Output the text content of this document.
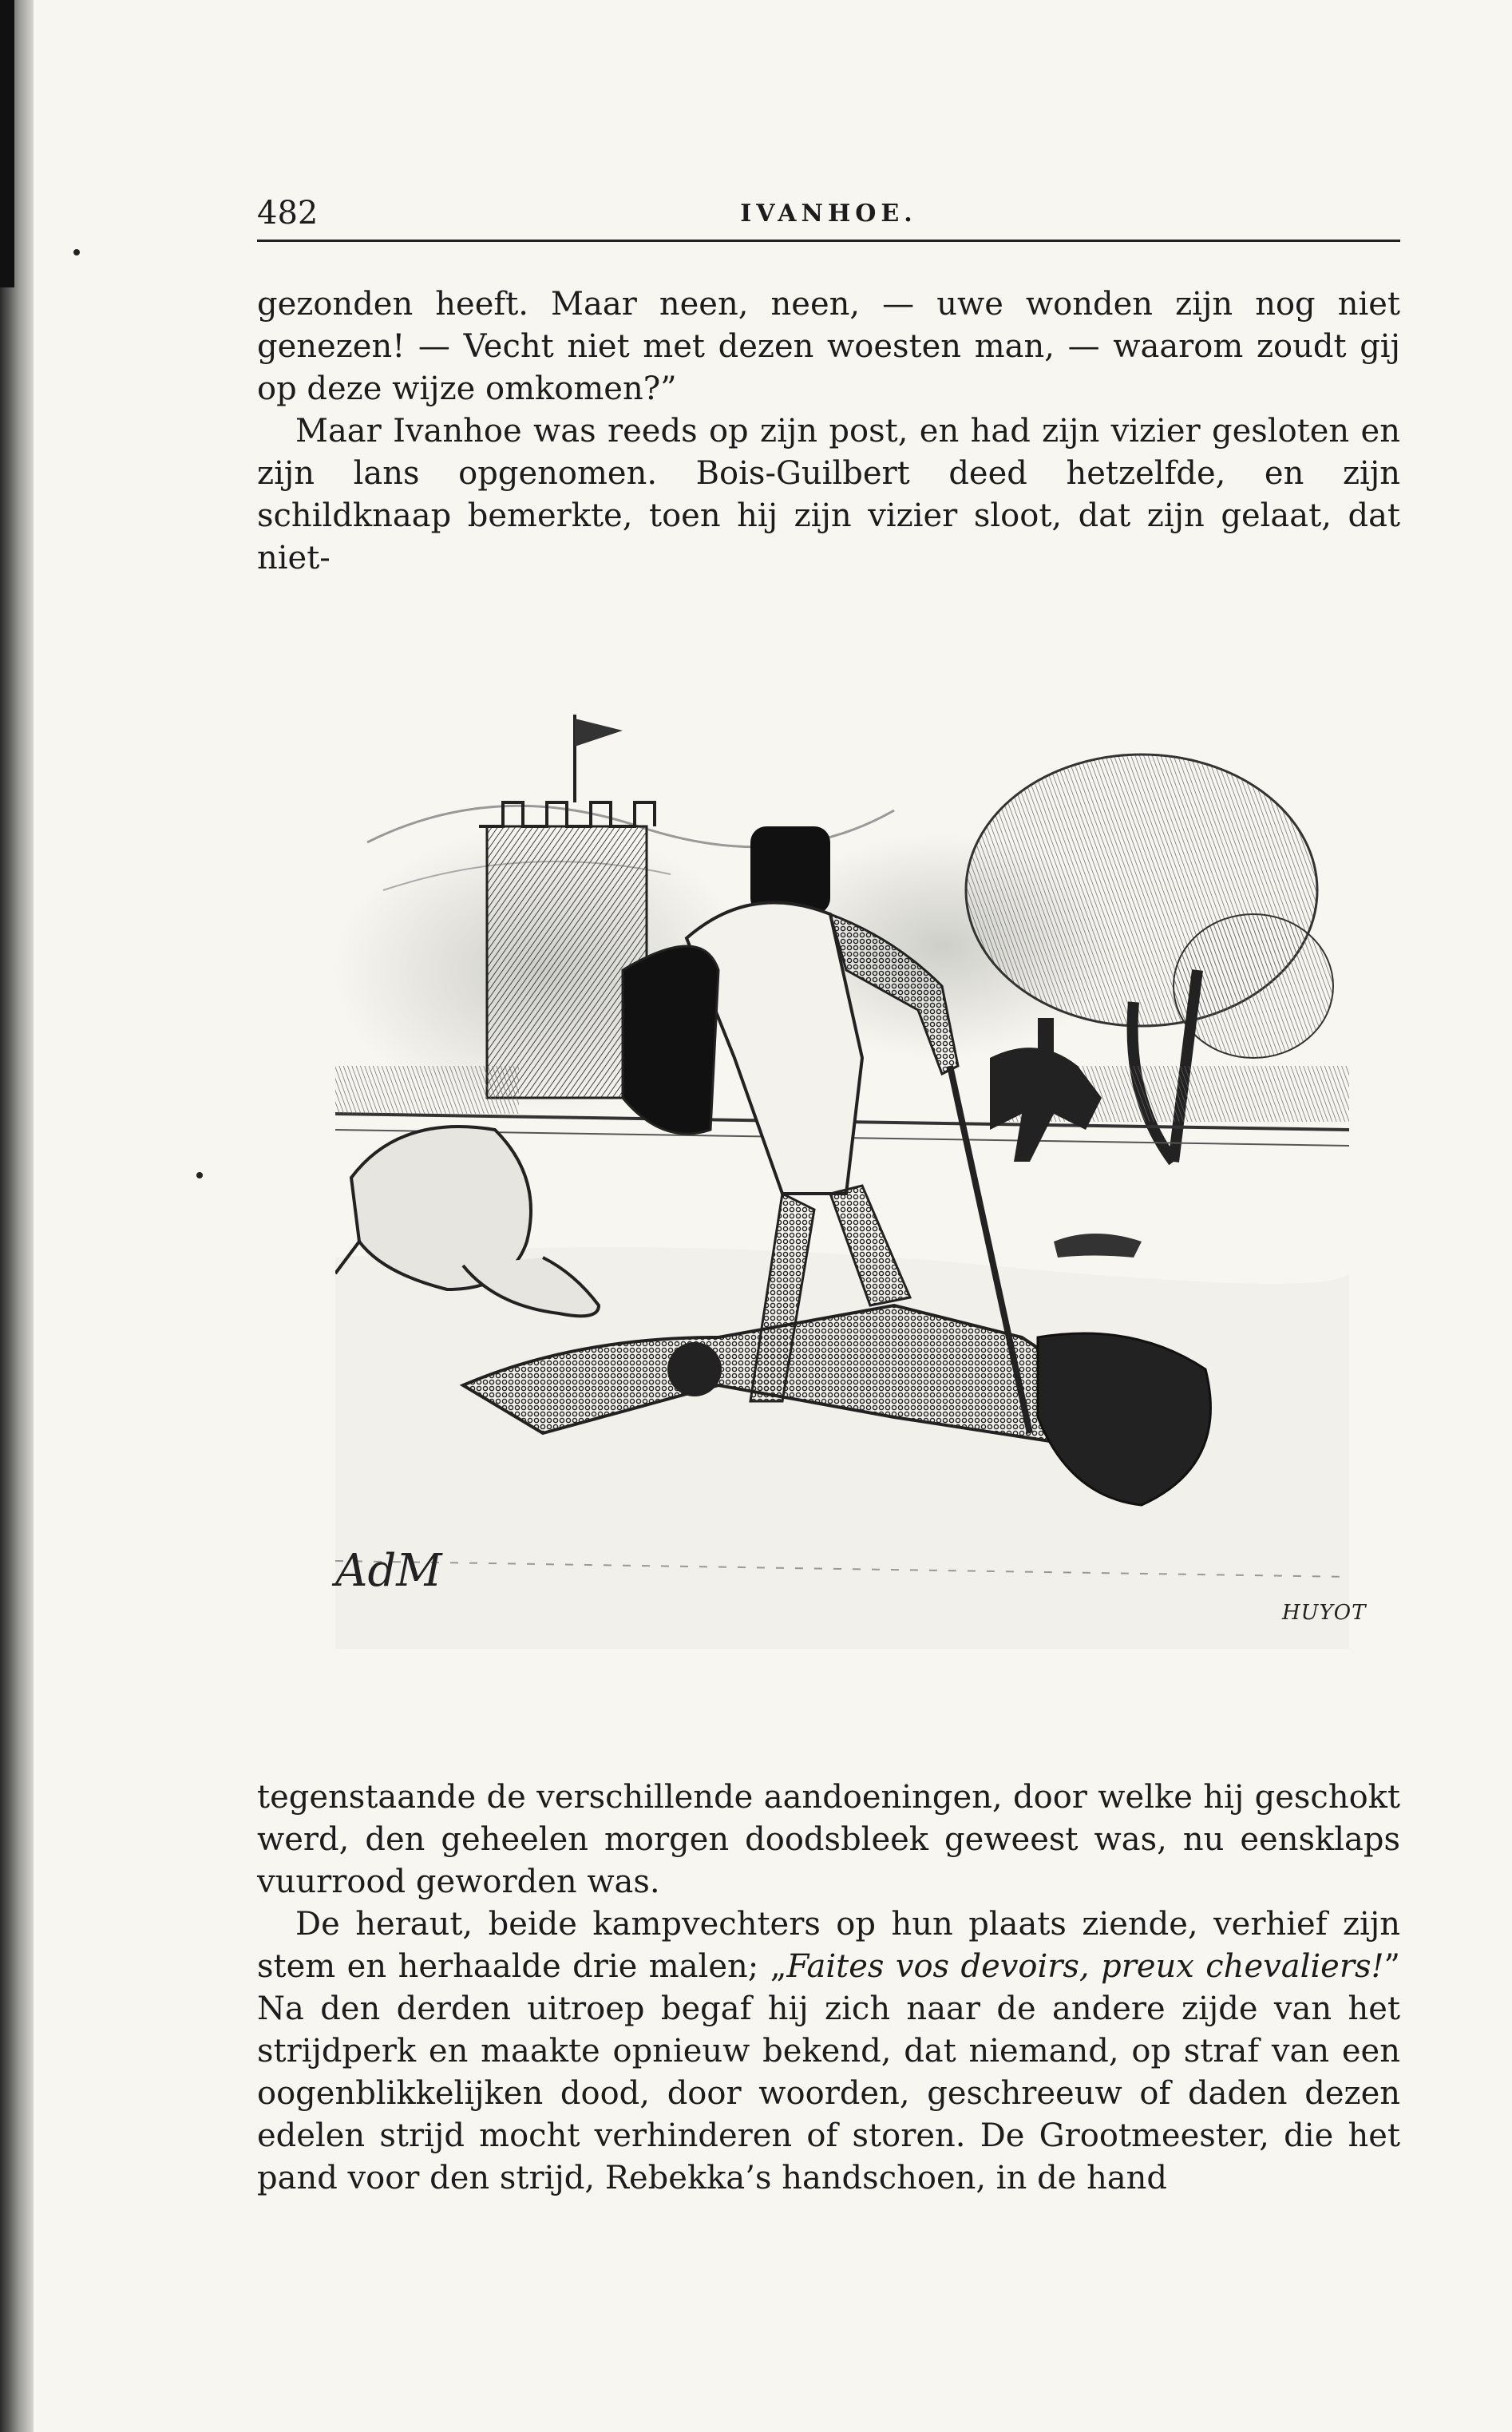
482	IVANHOE.

gezonden heeft. Maar neen, neen, — uwe wonden zijn nog niet genezen! — Vecht niet met dezen woesten man, — waarom zoudt gij op deze wijze omkomen?”

Maar Ivanhoe was reeds op zijn post, en had zijn vizier gesloten en zijn lans opgenomen. Bois-Guilbert deed hetzelfde, en zijn schildknaap bemerkte, toen hij zijn vizier sloot, dat zijn gelaat, dat niet-

AdM
HUYOT

tegenstaande de verschillende aandoeningen, door welke hij geschokt werd, den geheelen morgen doodsbleek geweest was, nu eensklaps vuurrood geworden was.

De heraut, beide kampvechters op hun plaats ziende, verhief zijn stem en herhaalde drie malen; „Faites vos devoirs, preux chevaliers!” Na den derden uitroep begaf hij zich naar de andere zijde van het strijdperk en maakte opnieuw bekend, dat niemand, op straf van een oogenblikkelijken dood, door woorden, geschreeuw of daden dezen edelen strijd mocht verhinderen of storen. De Grootmeester, die het pand voor den strijd, Rebekka’s handschoen, in de hand
